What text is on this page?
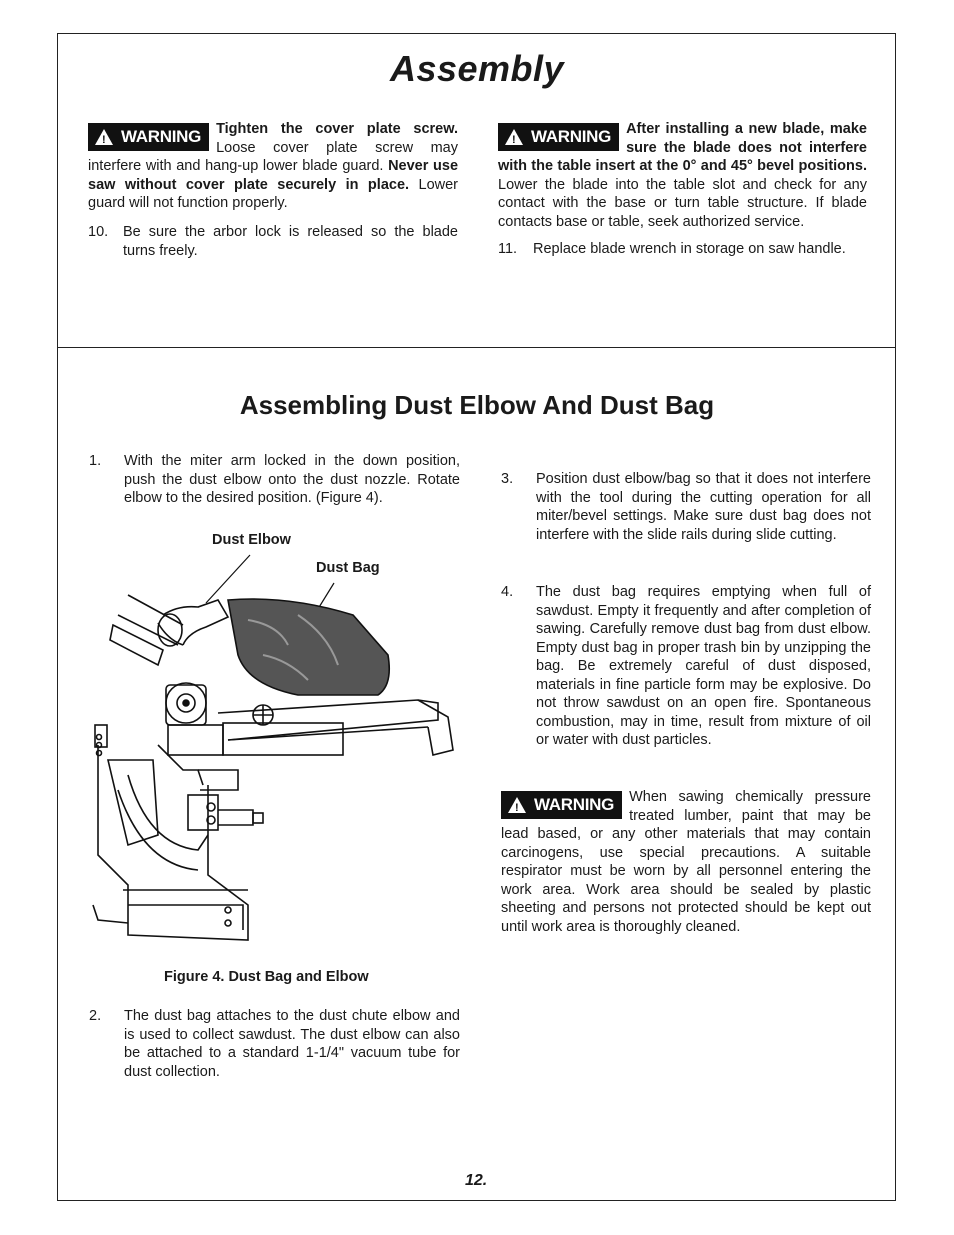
Assembly
!
WARNING Tighten the cover plate screw. Loose cover plate screw may interfere with and hang-up lower blade guard. Never use saw without cover plate securely in place. Lower guard will not function properly.
10. Be sure the arbor lock is released so the blade turns freely.
!
WARNING After installing a new blade, make sure the blade does not interfere with the table insert at the 0° and 45° bevel positions. Lower the blade into the table slot and check for any contact with the base or turn table structure. If blade contacts base or table, seek authorized service.
11. Replace blade wrench in storage on saw handle.
Assembling Dust Elbow And Dust Bag
1. With the miter arm locked in the down position, push the dust elbow onto the dust nozzle. Rotate elbow to the desired position. (Figure 4).
Dust Elbow
Dust Bag
Figure 4. Dust Bag and Elbow
2. The dust bag attaches to the dust chute elbow and is used to collect sawdust. The dust elbow can also be attached to a standard 1-1/4" vacuum tube for dust collection.
3. Position dust elbow/bag so that it does not interfere with the tool during the cutting operation for all miter/bevel settings. Make sure dust bag does not interfere with the slide rails during slide cutting.
4. The dust bag requires emptying when full of sawdust. Empty it frequently and after completion of sawing. Carefully remove dust bag from dust elbow. Empty dust bag in proper trash bin by unzipping the bag. Be extremely careful of dust disposed, materials in fine particle form may be explosive. Do not throw sawdust on an open fire. Spontaneous combustion, may in time, result from mixture of oil or water with dust particles.
!
WARNING When sawing chemically pressure treated lumber, paint that may be lead based, or any other materials that may contain carcinogens, use special precautions. A suitable respirator must be worn by all personnel entering the work area. Work area should be sealed by plastic sheeting and persons not protected should be kept out until work area is thoroughly cleaned.
12.
